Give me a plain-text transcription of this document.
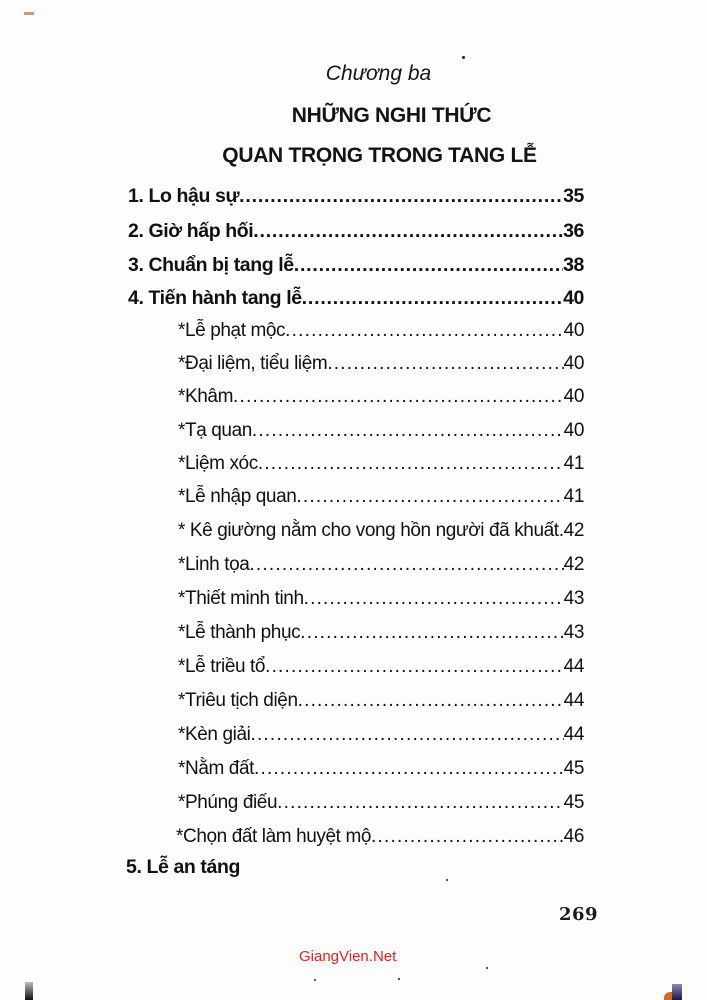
Chương ba
NHỮNG NGHI THỨC
QUAN TRỌNG TRONG TANG LỄ
1. Lo hậu sự .....	35
2. Giờ hấp hối .....	36
3. Chuẩn bị tang lễ .....	38
4. Tiến hành tang lễ .....	40
*Lễ phạt mộc .....	40
*Đại liệm, tiểu liệm .....	40
*Khâm .....	40
*Tạ quan .....	40
*Liệm xóc .....	41
*Lễ nhập quan .....	41
* Kê giường nằm cho vong hồn người đã khuất ..... 42
*Linh tọa .....	42
*Thiết minh tinh .....	43
*Lễ thành phục .....	43
*Lễ triều tổ .....	44
*Triêu tịch diện .....	44
*Kèn giải .....	44
*Nằm đất .....	45
*Phúng điếu .....	45
*Chọn đất làm huyệt mộ .....	46
5. Lễ an táng
269
GiangVien.Net
